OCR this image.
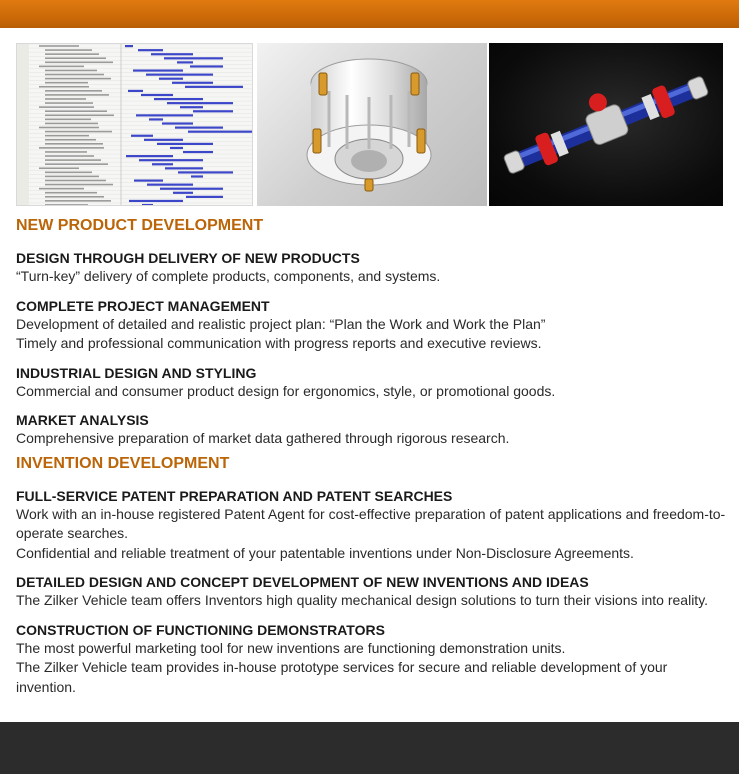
NEW PRODUCT DEVELOPMENT
DESIGN THROUGH DELIVERY OF NEW PRODUCTS
“Turn-key” delivery of complete products, components, and systems.
COMPLETE PROJECT MANAGEMENT
Development of detailed and realistic project plan: “Plan the Work and Work the Plan”
Timely and professional communication with progress reports and executive reviews.
INDUSTRIAL DESIGN AND STYLING
Commercial and consumer product design for ergonomics, style, or promotional goods.
MARKET ANALYSIS
Comprehensive preparation of market data gathered through rigorous research.
INVENTION DEVELOPMENT
FULL-SERVICE PATENT PREPARATION AND PATENT SEARCHES
Work with an in-house registered Patent Agent for cost-effective preparation of patent applications and freedom-to-operate searches.
Confidential and reliable treatment of your patentable inventions under Non-Disclosure Agreements.
DETAILED DESIGN AND CONCEPT DEVELOPMENT OF NEW INVENTIONS AND IDEAS
The Zilker Vehicle team offers Inventors high quality mechanical design solutions to turn their visions into reality.
CONSTRUCTION OF FUNCTIONING DEMONSTRATORS
The most powerful marketing tool for new inventions are functioning demonstration units.
The Zilker Vehicle team provides in-house prototype services for secure and reliable development of your invention.
